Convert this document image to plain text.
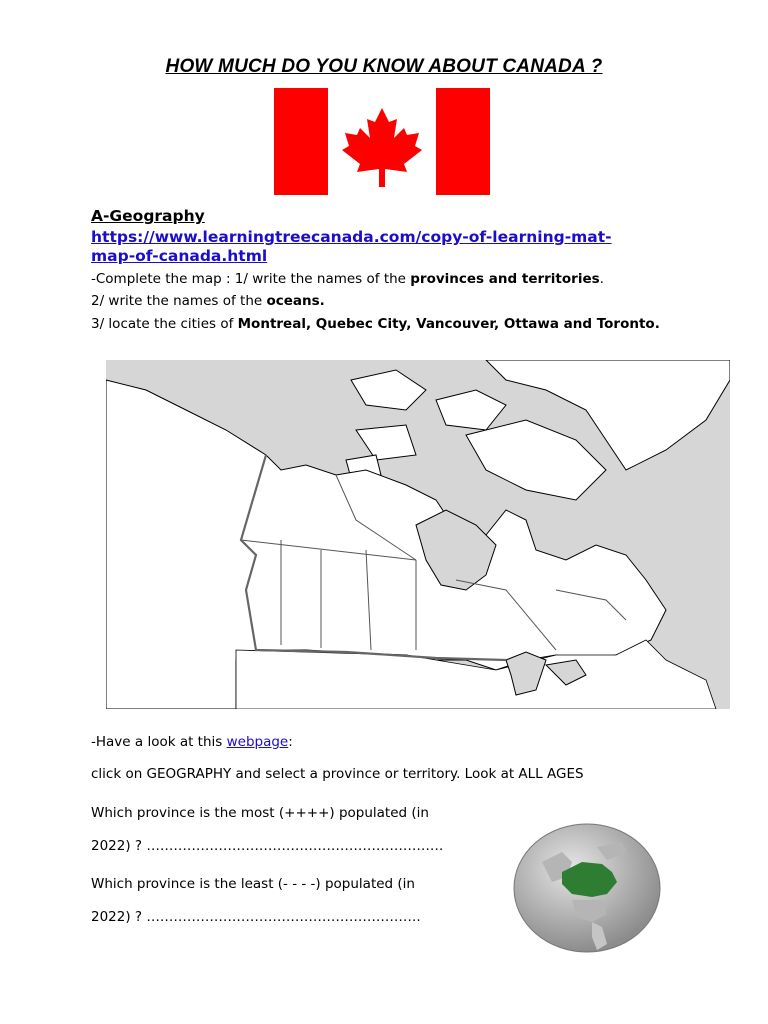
HOW MUCH DO YOU KNOW ABOUT CANADA ?
A-Geography
https://www.learningtreecanada.com/copy-of-learning-mat-
map-of-canada.html
-Complete the map : 1/ write the names of the provinces and territories.
2/ write the names of the oceans.
3/ locate the cities of Montreal, Quebec City, Vancouver, Ottawa and Toronto.
-Have a look at this webpage:
click on GEOGRAPHY and select a province or territory. Look at ALL AGES
Which province is the most (++++) populated (in
2022) ? …………………………………………………………
Which province is the least (- - - -) populated (in
2022) ? …………………………………………………….
